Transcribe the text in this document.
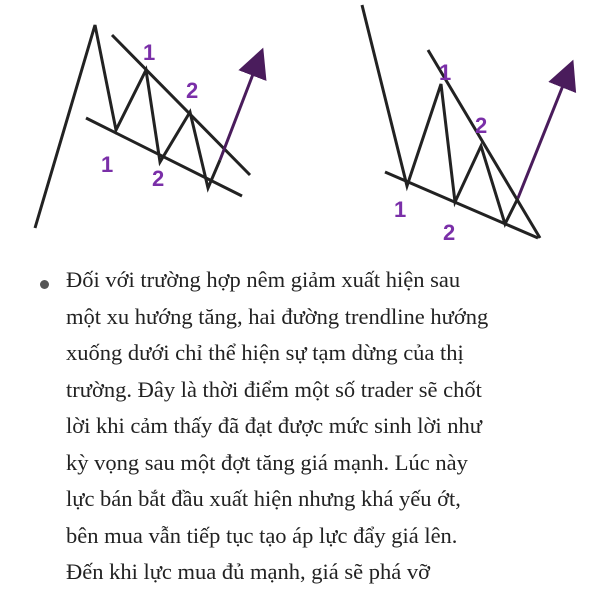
1
2
1
2
1
2
1
2

Đối với trường hợp nêm giảm xuất hiện sau
một xu hướng tăng, hai đường trendline hướng
xuống dưới chỉ thể hiện sự tạm dừng của thị
trường. Đây là thời điểm một số trader sẽ chốt
lời khi cảm thấy đã đạt được mức sinh lời như
kỳ vọng sau một đợt tăng giá mạnh. Lúc này
lực bán bắt đầu xuất hiện nhưng khá yếu ớt,
bên mua vẫn tiếp tục tạo áp lực đẩy giá lên.
Đến khi lực mua đủ mạnh, giá sẽ phá vỡ
